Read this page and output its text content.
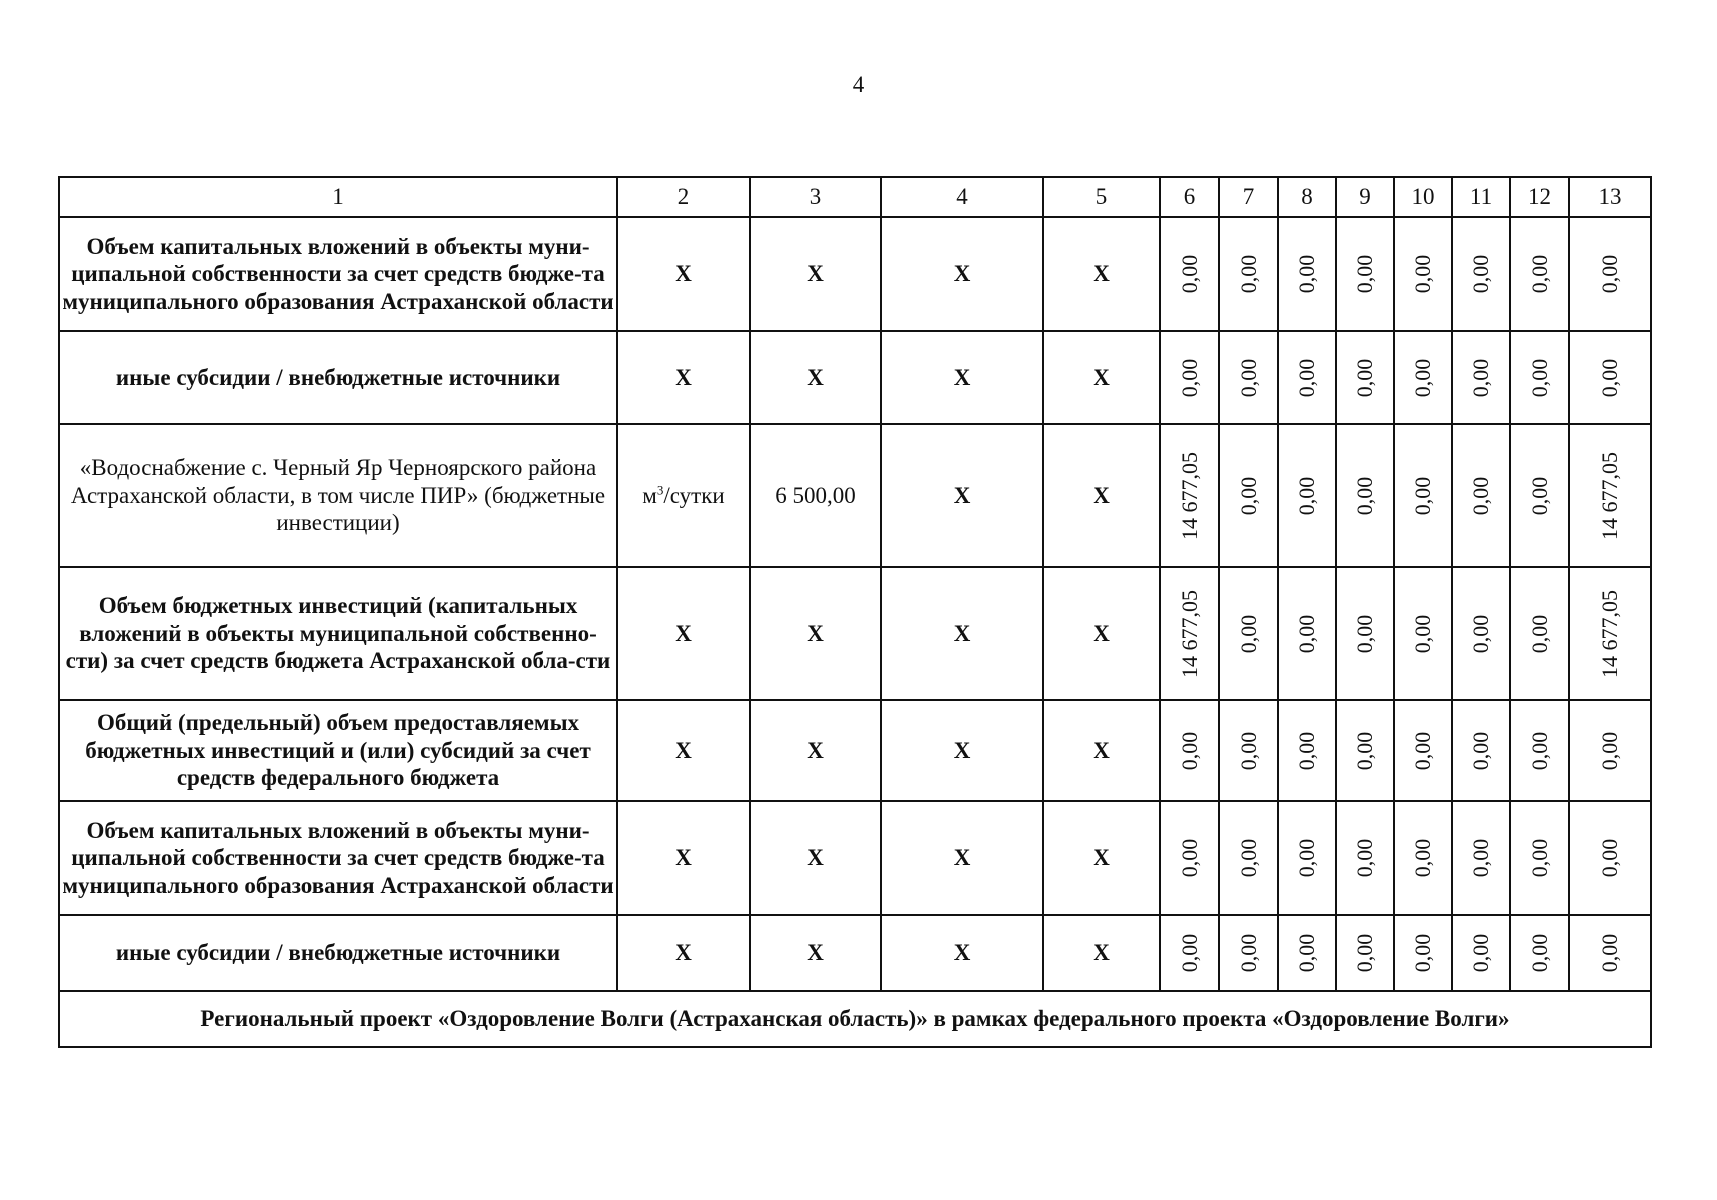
4
1	2	3	4	5	6	7	8	9	10	11	12	13
Объем капитальных вложений в объекты муни-ципальной собственности за счет средств бюдже-та муниципального образования Астраханской области	X	X	X	X	0,00	0,00	0,00	0,00	0,00	0,00	0,00	0,00

иные субсидии / внебюджетные источники	X	X	X	X	0,00	0,00	0,00	0,00	0,00	0,00	0,00	0,00

«Водоснабжение с. Черный Яр Черноярского района Астраханской области, в том числе ПИР» (бюджетные инвестиции)	$м^3$/сутки	6 500,00	X	X	14 677,05	0,00	0,00	0,00	0,00	0,00	0,00	14 677,05

Объем бюджетных инвестиций (капитальных вложений в объекты муниципальной собственно-сти) за счет средств бюджета Астраханской обла-сти	X	X	X	X	14 677,05	0,00	0,00	0,00	0,00	0,00	0,00	14 677,05

Общий (предельный) объем предоставляемых бюджетных инвестиций и (или) субсидий за счет средств федерального бюджета	X	X	X	X	0,00	0,00	0,00	0,00	0,00	0,00	0,00	0,00

Объем капитальных вложений в объекты муни-ципальной собственности за счет средств бюдже-та муниципального образования Астраханской области	X	X	X	X	0,00	0,00	0,00	0,00	0,00	0,00	0,00	0,00

иные субсидии / внебюджетные источники	X	X	X	X	0,00	0,00	0,00	0,00	0,00	0,00	0,00	0,00

Региональный проект «Оздоровление Волги (Астраханская область)» в рамках федерального проекта «Оздоровление Волги»												
